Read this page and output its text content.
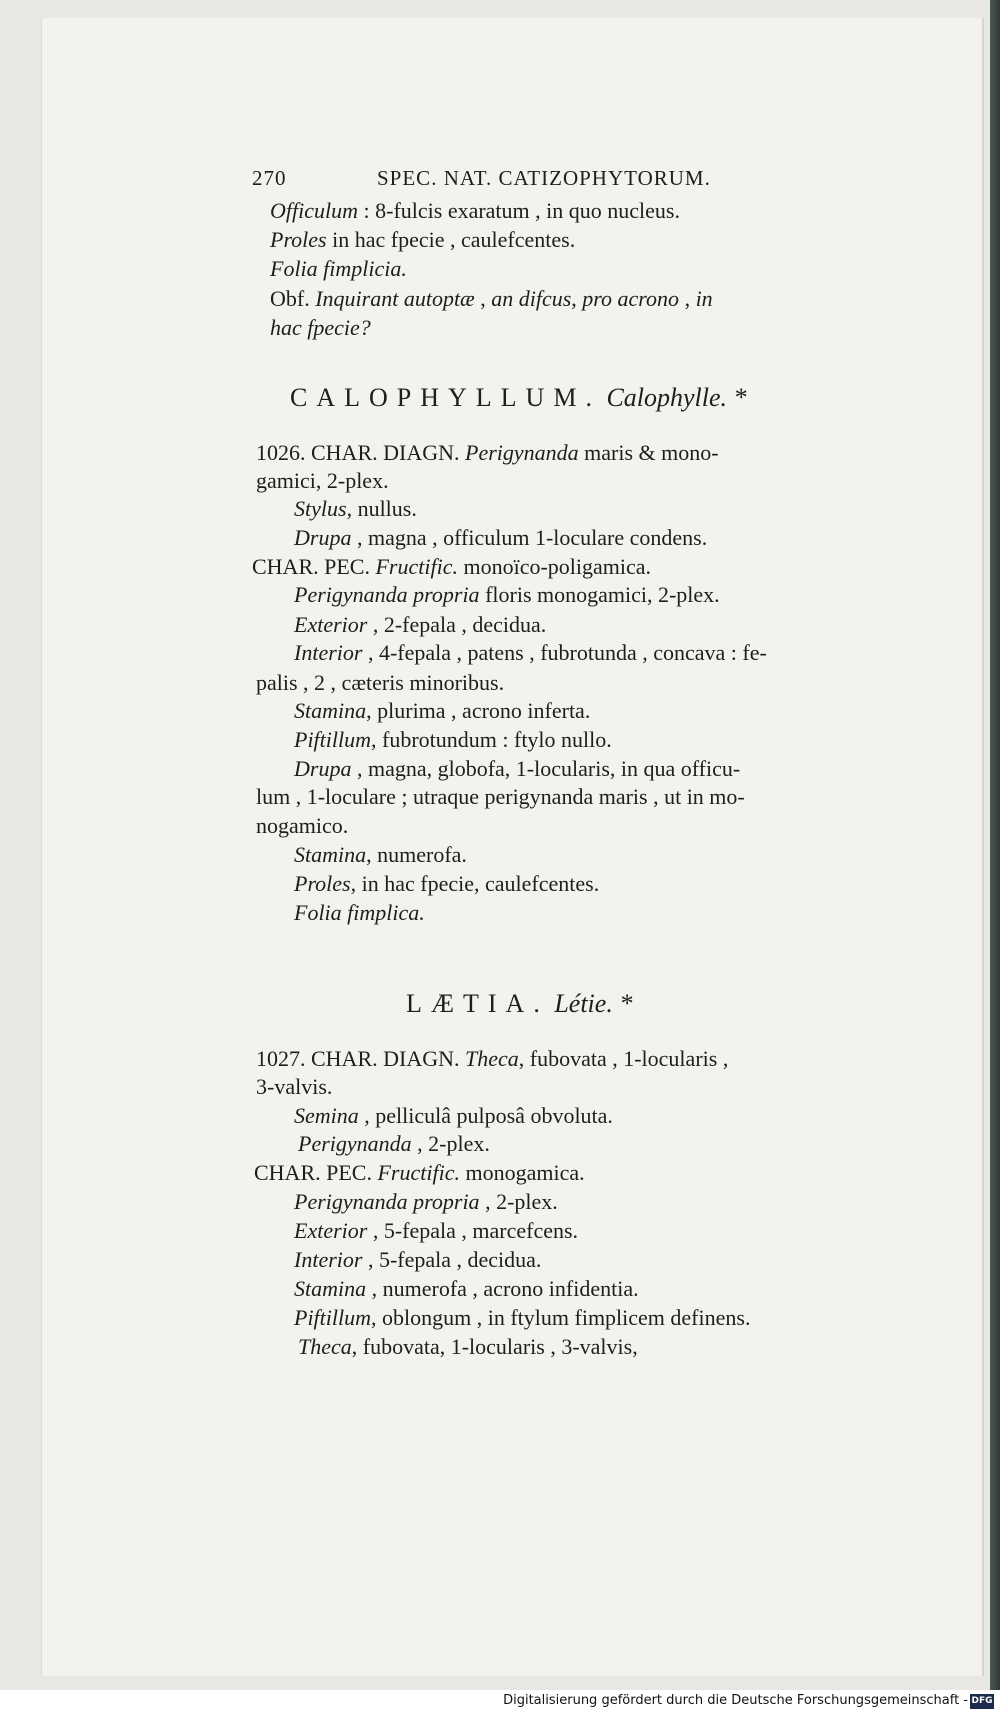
270	SPEC. NAT. CATIZOPHYTORUM.
Officulum : 8-fulcis exaratum , in quo nucleus.
Proles in hac fpecie , caulefcentes.
Folia fimplicia.
Obf. Inquirant autoptæ , an difcus, pro acrono , in
hac fpecie?
CALOPHYLLUM. Calophylle. *
1026. CHAR. DIAGN. Perigynanda maris & mono-
gamici, 2-plex.
Stylus, nullus.
Drupa , magna , officulum 1-loculare condens.
CHAR. PEC. Fructific. monoïco-poligamica.
Perigynanda propria floris monogamici, 2-plex.
Exterior , 2-fepala , decidua.
Interior , 4-fepala , patens , fubrotunda , concava : fe-
palis , 2 , cæteris minoribus.
Stamina, plurima , acrono inferta.
Piftillum, fubrotundum : ftylo nullo.
Drupa , magna, globofa, 1-locularis, in qua officu-
lum , 1-loculare ; utraque perigynanda maris , ut in mo-
nogamico.
Stamina, numerofa.
Proles, in hac fpecie, caulefcentes.
Folia fimplica.
LÆTIA. Létie. *
1027. CHAR. DIAGN. Theca, fubovata , 1-locularis ,
3-valvis.
Semina , pelliculâ pulposâ obvoluta.
Perigynanda , 2-plex.
CHAR. PEC. Fructific. monogamica.
Perigynanda propria , 2-plex.
Exterior , 5-fepala , marcefcens.
Interior , 5-fepala , decidua.
Stamina , numerofa , acrono infidentia.
Piftillum, oblongum , in ftylum fimplicem definens.
Theca, fubovata, 1-locularis , 3-valvis,
Digitalisierung gefördert durch die Deutsche Forschungsgemeinschaft - DFG
